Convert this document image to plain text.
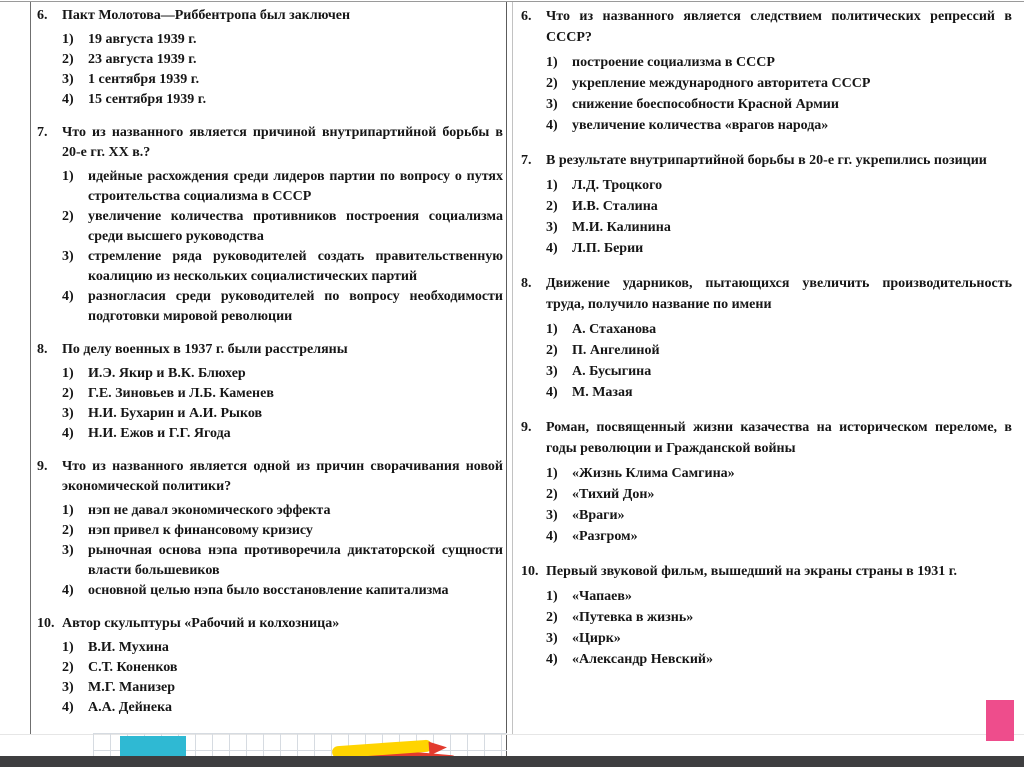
6.	Пакт Молотова—Риббентропа был заключен

1)	19 августа 1939 г.

2)	23 августа 1939 г.

3)	1 сентября 1939 г.

4)	15 сентября 1939 г.

7.	Что из названного является причиной внутрипартийной борьбы в 20-е гг. XX в.?

1)	идейные расхождения среди лидеров партии по вопросу о путях строительства социализма в СССР

2)	увеличение количества противников построения социализма среди высшего руководства

3)	стремление ряда руководителей создать правительственную коалицию из нескольких социалистических партий

4)	разногласия среди руководителей по вопросу необходимости подготовки мировой революции

8.	По делу военных в 1937 г. были расстреляны

1)	И.Э. Якир и В.К. Блюхер

2)	Г.Е. Зиновьев и Л.Б. Каменев

3)	Н.И. Бухарин и А.И. Рыков

4)	Н.И. Ежов и Г.Г. Ягода

9.	Что из названного является одной из причин сворачивания новой экономической политики?

1)	нэп не давал экономического эффекта

2)	нэп привел к финансовому кризису

3)	рыночная основа нэпа противоречила диктаторской сущности власти большевиков

4)	основной целью нэпа было восстановление капитализма

10. Автор скульптуры «Рабочий и колхозница»

1)	В.И. Мухина

2)	С.Т. Коненков

3)	М.Г. Манизер

4)	А.А. Дейнека

6.	Что из названного является следствием политических репрессий в СССР?

1)	построение социализма в СССР

2)	укрепление международного авторитета СССР

3)	снижение боеспособности Красной Армии

4)	увеличение количества «врагов народа»

7.	В результате внутрипартийной борьбы в 20-е гг. укрепились позиции

1)	Л.Д. Троцкого

2)	И.В. Сталина

3)	М.И. Калинина

4)	Л.П. Берии

8.	Движение ударников, пытающихся увеличить производительность труда, получило название по имени

1)	А. Стаханова

2)	П. Ангелиной

3)	А. Бусыгина

4)	М. Мазая

9.	Роман, посвященный жизни казачества на историческом переломе, в годы революции и Гражданской войны

1)	«Жизнь Клима Самгина»

2)	«Тихий Дон»

3)	«Враги»

4)	«Разгром»

10. Первый звуковой фильм, вышедший на экраны страны в 1931 г.

1)	«Чапаев»

2)	«Путевка в жизнь»

3)	«Цирк»

4)	«Александр Невский»
